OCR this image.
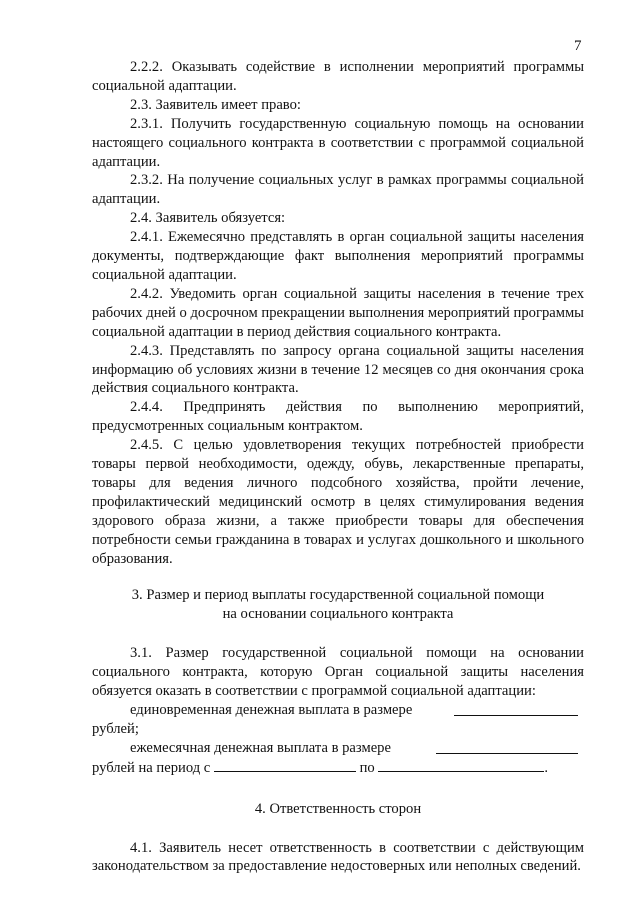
7

2.2.2. Оказывать содействие в исполнении мероприятий программы социальной адаптации.

2.3. Заявитель имеет право:

2.3.1. Получить государственную социальную помощь на основании настоящего социального контракта в соответствии с программой социальной адаптации.

2.3.2. На получение социальных услуг в рамках программы социальной адаптации.

2.4. Заявитель обязуется:

2.4.1. Ежемесячно представлять в орган социальной защиты населения документы, подтверждающие факт выполнения мероприятий программы социальной адаптации.

2.4.2. Уведомить орган социальной защиты населения в течение трех рабочих дней о досрочном прекращении выполнения мероприятий программы социальной адаптации в период действия социального контракта.

2.4.3. Представлять по запросу органа социальной защиты населения информацию об условиях жизни в течение 12 месяцев со дня окончания срока действия социального контракта.

2.4.4. Предпринять действия по выполнению мероприятий, предусмотренных социальным контрактом.

2.4.5. С целью удовлетворения текущих потребностей приобрести товары первой необходимости, одежду, обувь, лекарственные препараты, товары для ведения личного подсобного хозяйства, пройти лечение, профилактический медицинский осмотр в целях стимулирования ведения здорового образа жизни, а также приобрести товары для обеспечения потребности семьи гражданина в товарах и услугах дошкольного и школьного образования.

3. Размер и период выплаты государственной социальной помощи
на основании социального контракта

3.1. Размер государственной социальной помощи на основании социального контракта, которую Орган социальной защиты населения обязуется оказать в соответствии с программой социальной адаптации:

единовременная денежная выплата в размере
рублей;
ежемесячная денежная выплата в размере
рублей на период с	по	.
4. Ответственность сторон

4.1. Заявитель несет ответственность в соответствии с действующим законодательством за предоставление недостоверных или неполных сведений.
